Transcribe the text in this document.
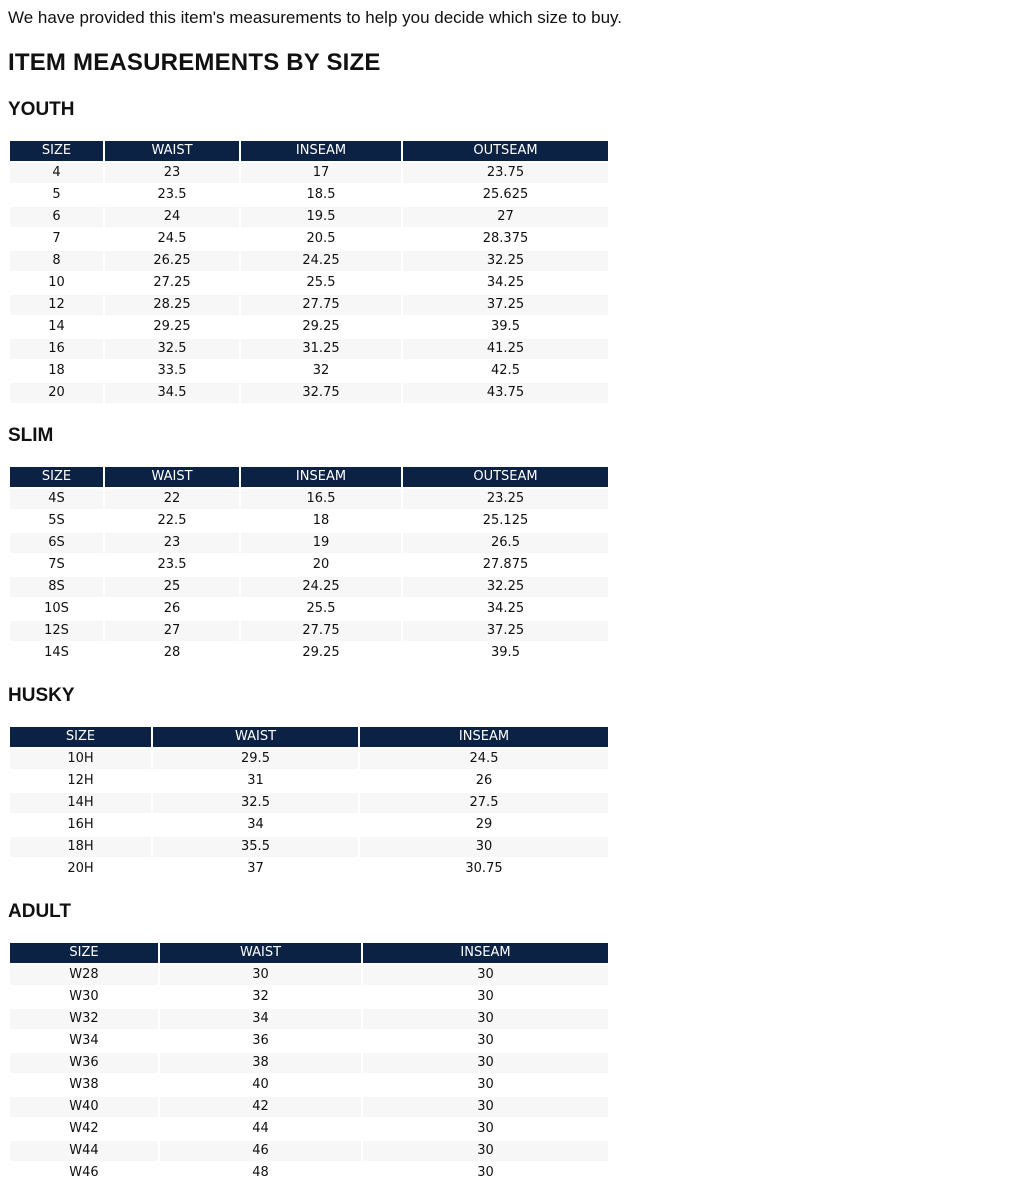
We have provided this item's measurements to help you decide which size to buy.
ITEM MEASUREMENTS BY SIZE
YOUTH
SIZE	WAIST	INSEAM	OUTSEAM
4	23	17	23.75
5	23.5	18.5	25.625
6	24	19.5	27
7	24.5	20.5	28.375
8	26.25	24.25	32.25
10	27.25	25.5	34.25
12	28.25	27.75	37.25
14	29.25	29.25	39.5
16	32.5	31.25	41.25
18	33.5	32	42.5
20	34.5	32.75	43.75
SLIM
SIZE	WAIST	INSEAM	OUTSEAM
4S	22	16.5	23.25
5S	22.5	18	25.125
6S	23	19	26.5
7S	23.5	20	27.875
8S	25	24.25	32.25
10S	26	25.5	34.25
12S	27	27.75	37.25
14S	28	29.25	39.5
HUSKY
SIZE	WAIST	INSEAM
10H	29.5	24.5
12H	31	26
14H	32.5	27.5
16H	34	29
18H	35.5	30
20H	37	30.75
ADULT
SIZE	WAIST	INSEAM
W28	30	30
W30	32	30
W32	34	30
W34	36	30
W36	38	30
W38	40	30
W40	42	30
W42	44	30
W44	46	30
W46	48	30
